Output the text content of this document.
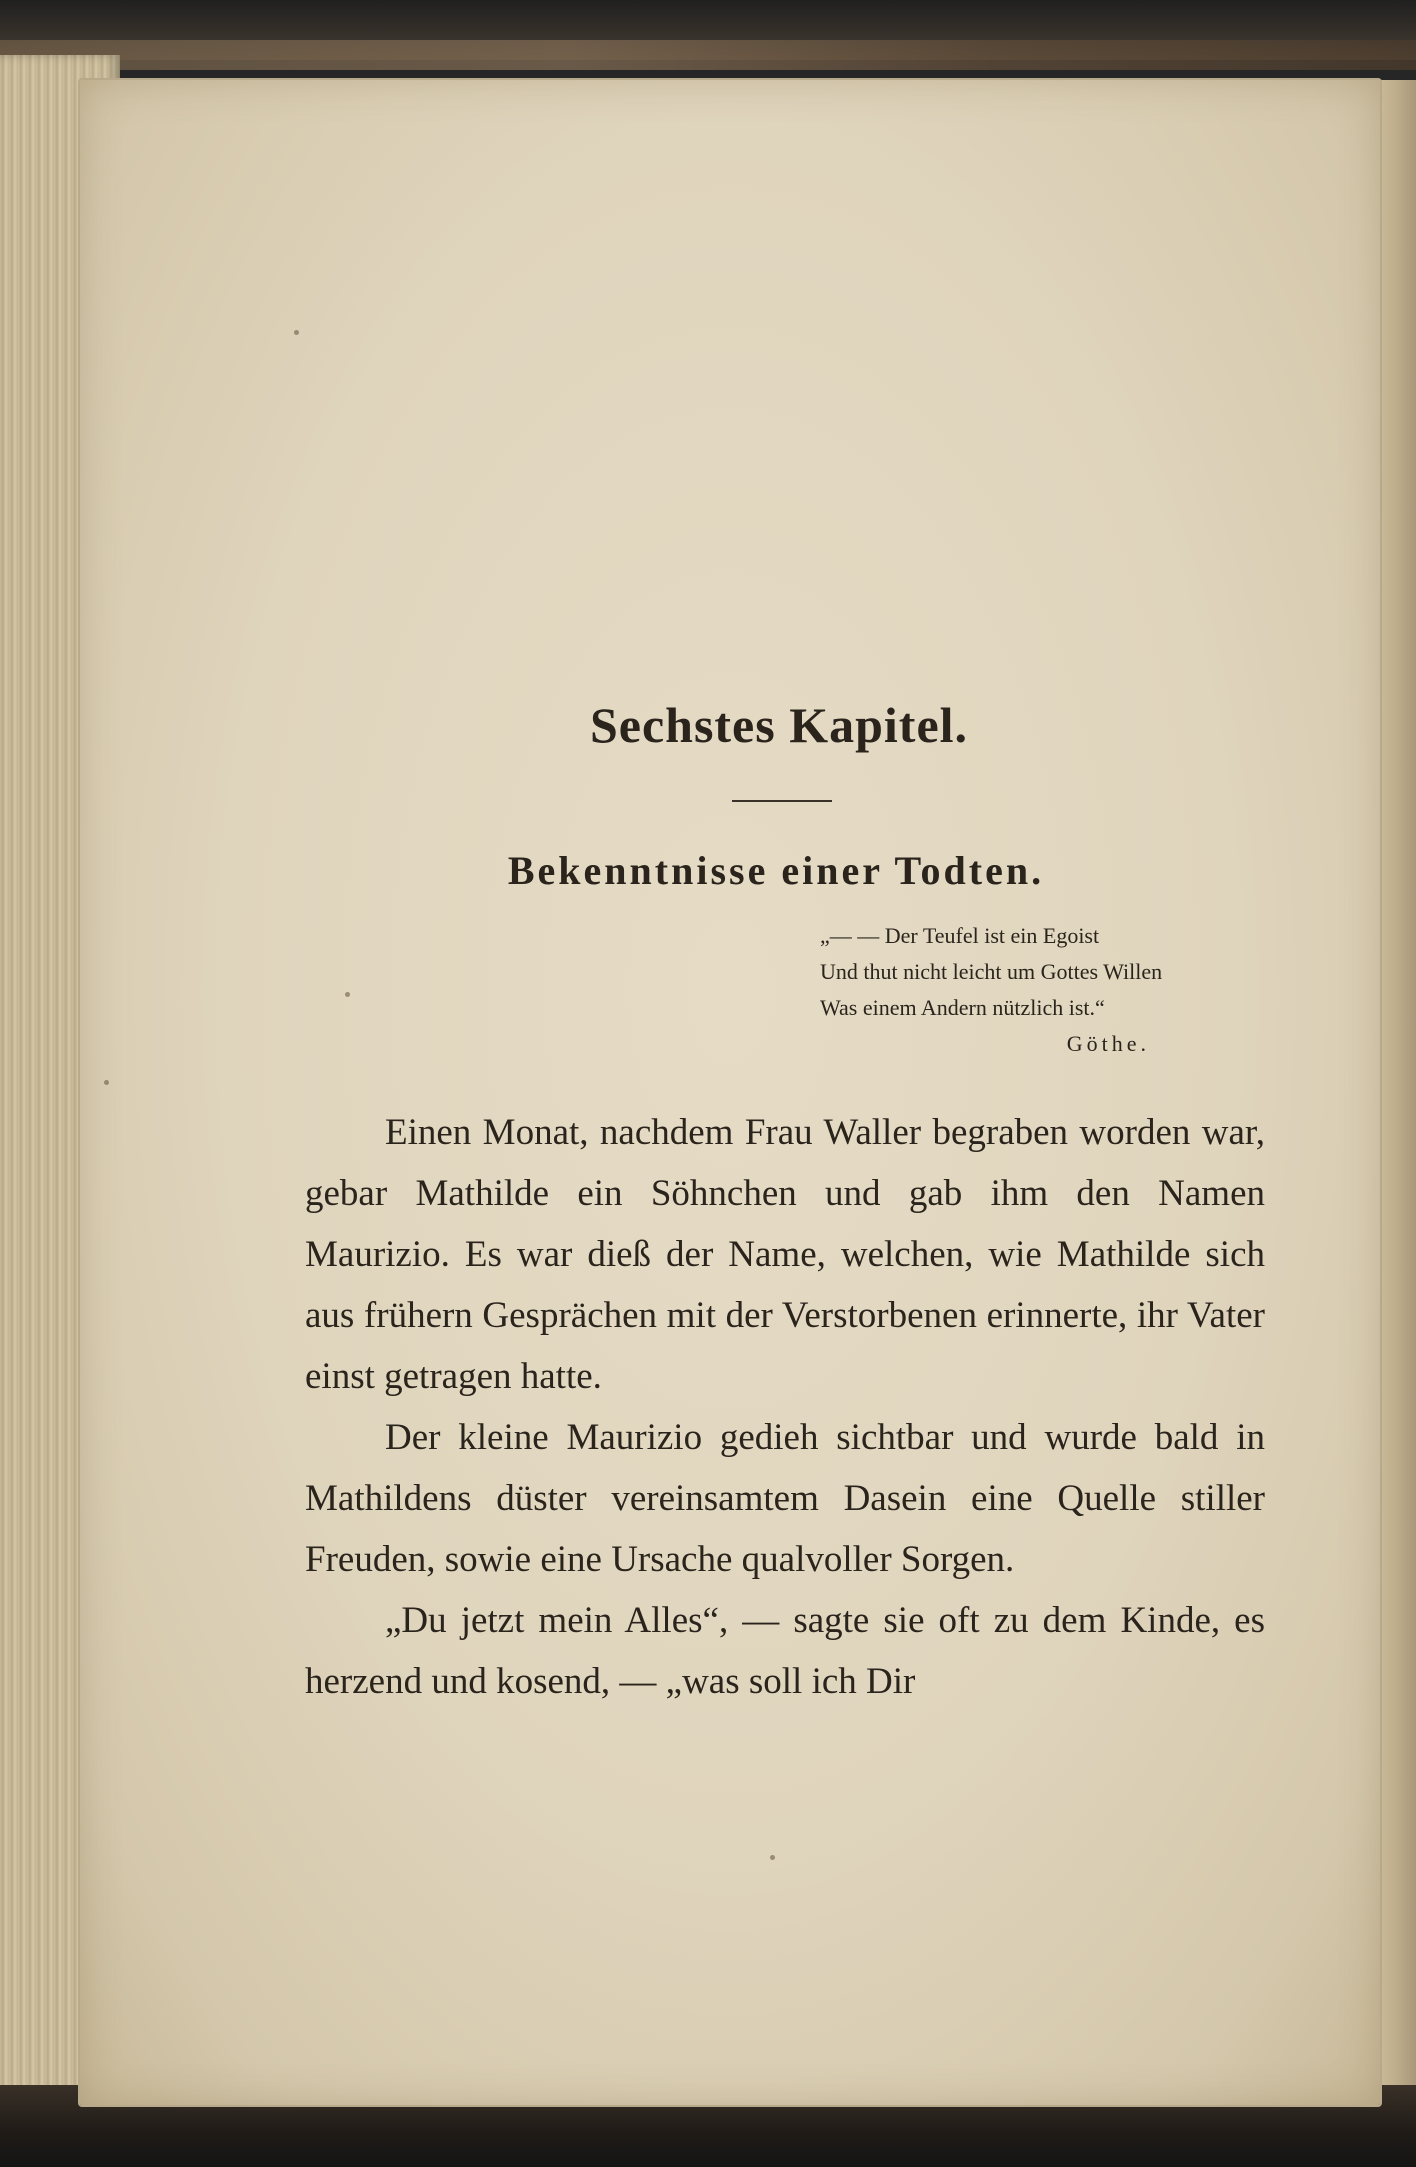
Sechstes Kapitel.
Bekenntnisse einer Todten.
„— — Der Teufel ist ein Egoist
Und thut nicht leicht um Gottes Willen
Was einem Andern nützlich ist.“
Göthe.

Einen Monat, nachdem Frau Waller begraben worden war, gebar Mathilde ein Söhnchen und gab ihm den Namen Maurizio. Es war dieß der Name, welchen, wie Mathilde sich aus frühern Gesprächen mit der Verstorbenen erinnerte, ihr Vater einst getragen hatte.

Der kleine Maurizio gedieh sichtbar und wurde bald in Mathildens düster vereinsamtem Dasein eine Quelle stiller Freuden, sowie eine Ursache qualvoller Sorgen.

„Du jetzt mein Alles“, — sagte sie oft zu dem Kinde, es herzend und kosend, — „was soll ich Dir
